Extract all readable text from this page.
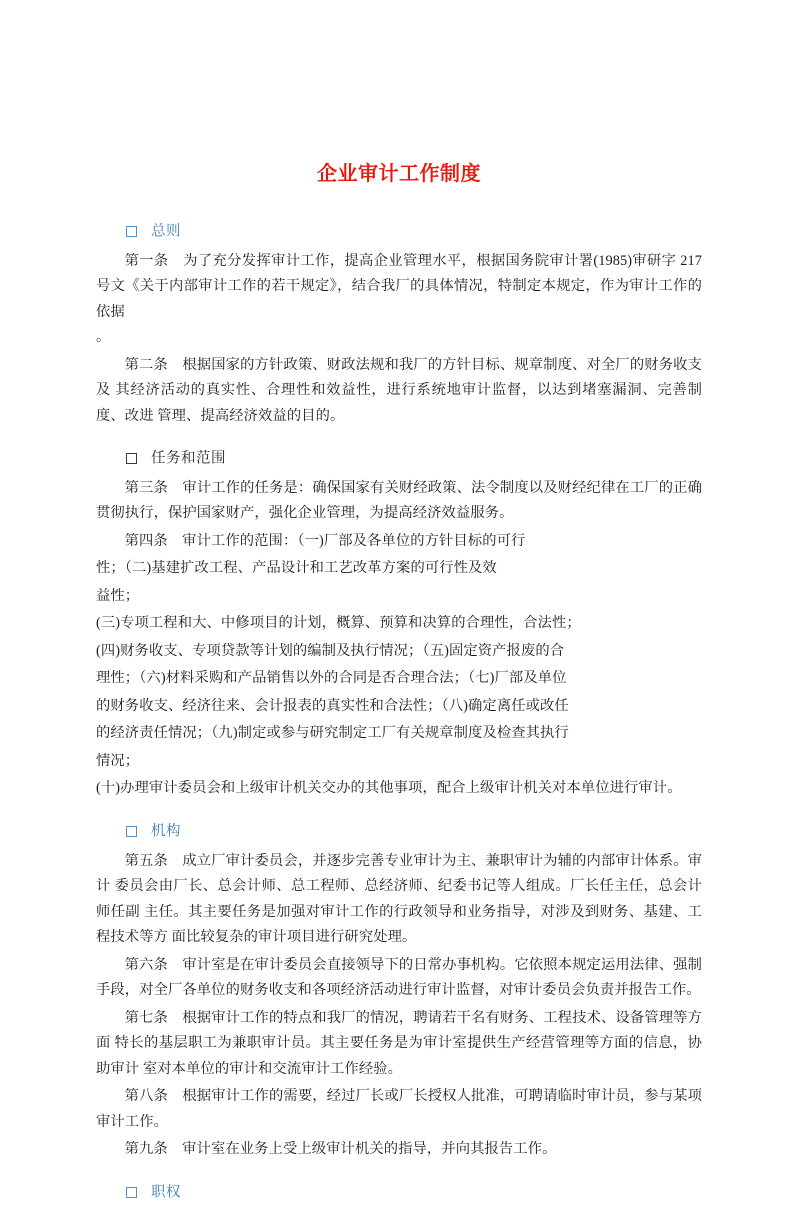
企业审计工作制度
总则

第一条　为了充分发挥审计工作，提高企业管理水平，根据国务院审计署(1985)审研字 217 号文《关于内部审计工作的若干规定》，结合我厂的具体情况，特制定本规定，作为审计工作的依据

。

第二条　根据国家的方针政策、财政法规和我厂的方针目标、规章制度、对全厂的财务收支及 其经济活动的真实性、合理性和效益性，进行系统地审计监督，以达到堵塞漏洞、完善制度、改进 管理、提高经济效益的目的。

任务和范围

第三条　审计工作的任务是：确保国家有关财经政策、法令制度以及财经纪律在工厂的正确贯彻执行，保护国家财产，强化企业管理，为提高经济效益服务。

第四条　审计工作的范围：（一)厂部及各单位的方针目标的可行

性；（二)基建扩改工程、产品设计和工艺改革方案的可行性及效

益性；

(三)专项工程和大、中修项目的计划，概算、预算和决算的合理性，合法性；

(四)财务收支、专项贷款等计划的编制及执行情况；（五)固定资产报废的合

理性；（六)材料采购和产品销售以外的合同是否合理合法；（七)厂部及单位

的财务收支、经济往来、会计报表的真实性和合法性；（八)确定离任或改任

的经济责任情况；（九)制定或参与研究制定工厂有关规章制度及检查其执行

情况；

(十)办理审计委员会和上级审计机关交办的其他事项，配合上级审计机关对本单位进行审计。

机构

第五条　成立厂审计委员会，并逐步完善专业审计为主、兼职审计为辅的内部审计体系。审计 委员会由厂长、总会计师、总工程师、总经济师、纪委书记等人组成。厂长任主任，总会计师任副 主任。其主要任务是加强对审计工作的行政领导和业务指导，对涉及到财务、基建、工程技术等方 面比较复杂的审计项目进行研究处理。

第六条　审计室是在审计委员会直接领导下的日常办事机构。它依照本规定运用法律、强制手段，对全厂各单位的财务收支和各项经济活动进行审计监督，对审计委员会负责并报告工作。

第七条　根据审计工作的特点和我厂的情况，聘请若干名有财务、工程技术、设备管理等方面 特长的基层职工为兼职审计员。其主要任务是为审计室提供生产经营管理等方面的信息，协助审计 室对本单位的审计和交流审计工作经验。

第八条　根据审计工作的需要，经过厂长或厂长授权人批准，可聘请临时审计员，参与某项审计工作。

第九条　审计室在业务上受上级审计机关的指导，并向其报告工作。

职权
